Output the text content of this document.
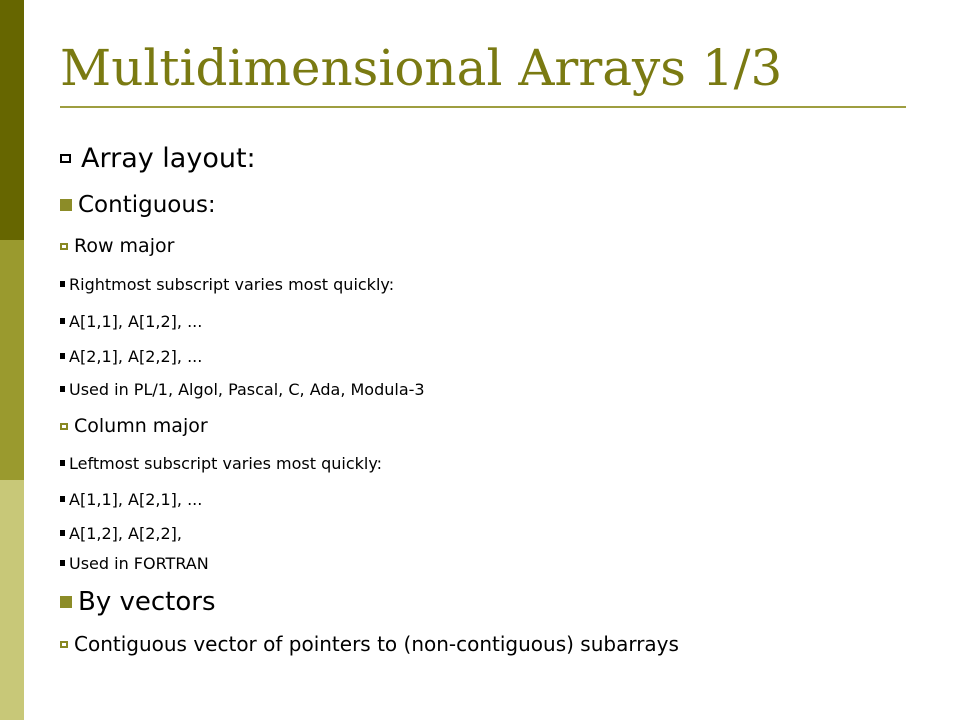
Multidimensional Arrays 1/3
Array layout:
Contiguous:
Row major
Rightmost subscript varies most quickly:
A[1,1], A[1,2], ...
A[2,1], A[2,2], ...
Used in PL/1, Algol, Pascal, C, Ada, Modula-3
Column major
Leftmost subscript varies most quickly:
A[1,1], A[2,1], ...
A[1,2], A[2,2],
Used in FORTRAN
By vectors
Contiguous vector of pointers to (non-contiguous) subarrays
